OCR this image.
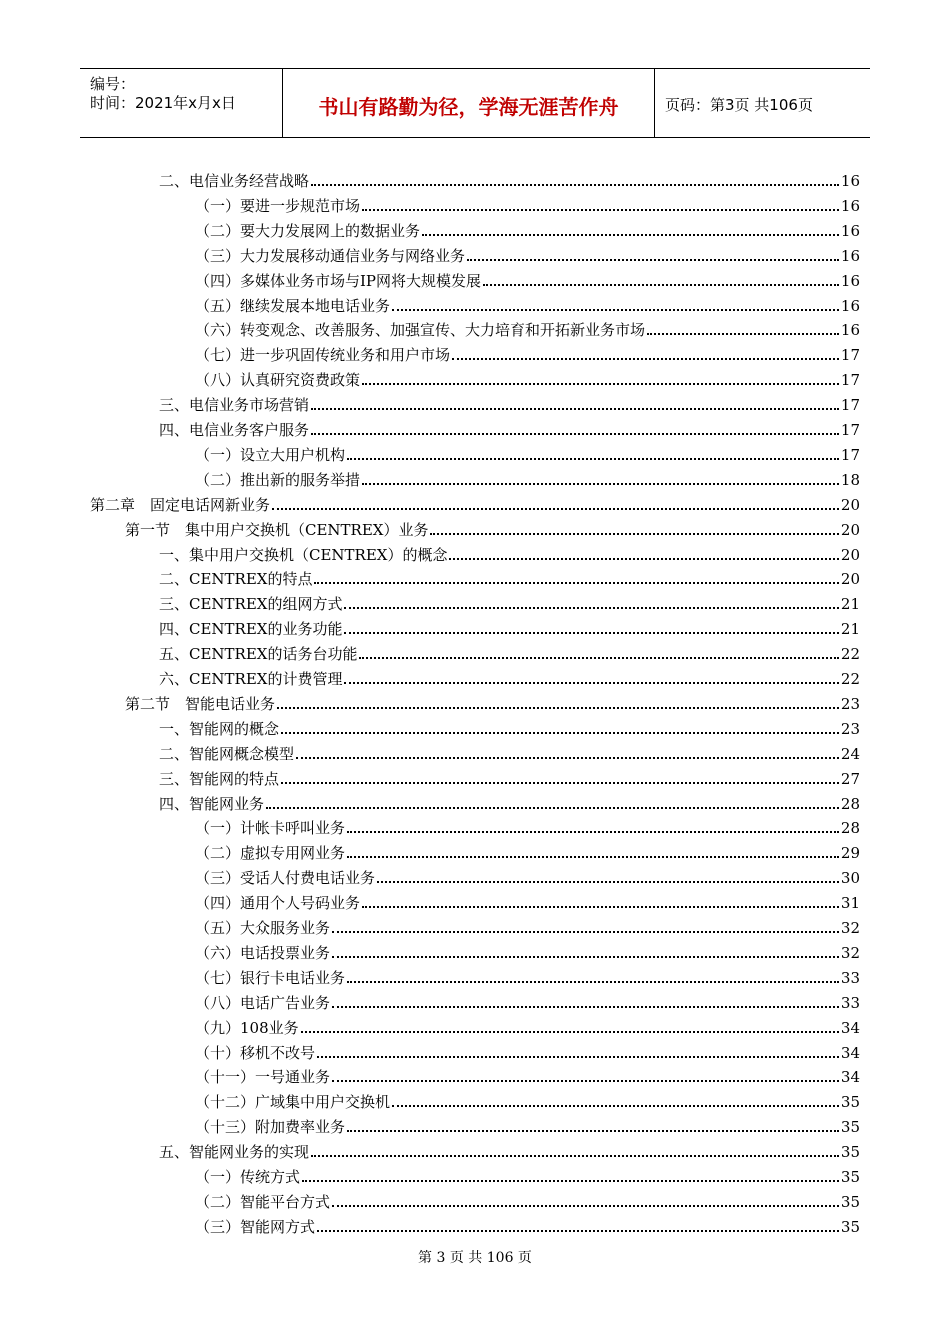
编号：
时间：2021年x月x日	书山有路勤为径，学海无涯苦作舟	页码：第3页 共106页
二、电信业务经营战略	16
（一）要进一步规范市场	16
（二）要大力发展网上的数据业务	16
（三）大力发展移动通信业务与网络业务	16
（四）多媒体业务市场与IP网将大规模发展	16
（五）继续发展本地电话业务	16
（六）转变观念、改善服务、加强宣传、大力培育和开拓新业务市场	16
（七）进一步巩固传统业务和用户市场	17
（八）认真研究资费政策	17
三、电信业务市场营销	17
四、电信业务客户服务	17
（一）设立大用户机构	17
（二）推出新的服务举措	18
第二章　固定电话网新业务	20
第一节　集中用户交换机（CENTREX）业务	20
一、集中用户交换机（CENTREX）的概念	20
二、CENTREX的特点	20
三、CENTREX的组网方式	21
四、CENTREX的业务功能	21
五、CENTREX的话务台功能	22
六、CENTREX的计费管理	22
第二节　智能电话业务	23
一、智能网的概念	23
二、智能网概念模型	24
三、智能网的特点	27
四、智能网业务	28
（一）计帐卡呼叫业务	28
（二）虚拟专用网业务	29
（三）受话人付费电话业务	30
（四）通用个人号码业务	31
（五）大众服务业务	32
（六）电话投票业务	32
（七）银行卡电话业务	33
（八）电话广告业务	33
（九）108业务	34
（十）移机不改号	34
（十一）一号通业务	34
（十二）广域集中用户交换机	35
（十三）附加费率业务	35
五、智能网业务的实现	35
（一）传统方式	35
（二）智能平台方式	35
（三）智能网方式	35
第 3 页 共 106 页
